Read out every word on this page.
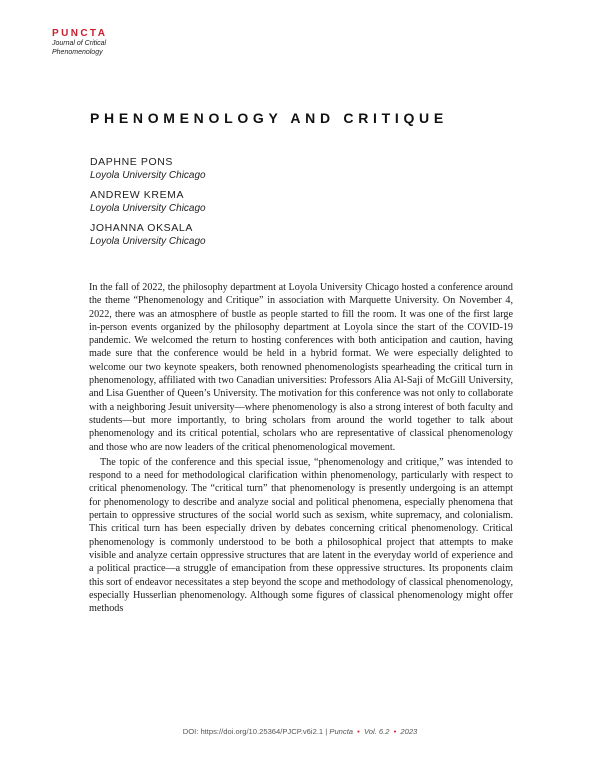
PUNCTA
Journal of Critical
Phenomenology
PHENOMENOLOGY AND CRITIQUE
DAPHNE PONS
Loyola University Chicago
ANDREW KREMA
Loyola University Chicago
JOHANNA OKSALA
Loyola University Chicago

In the fall of 2022, the philosophy department at Loyola University Chicago hosted a conference around the theme “Phenomenology and Critique” in association with Marquette University. On November 4, 2022, there was an atmosphere of bustle as people started to fill the room. It was one of the first large in-person events organized by the philosophy department at Loyola since the start of the COVID-19 pandemic. We welcomed the return to hosting conferences with both anticipation and caution, having made sure that the conference would be held in a hybrid format. We were especially delighted to welcome our two keynote speakers, both renowned phenomenologists spearheading the critical turn in phenomenology, affiliated with two Canadian universities: Professors Alia Al-Saji of McGill University, and Lisa Guenther of Queen’s University. The motivation for this conference was not only to collaborate with a neighboring Jesuit university—where phenomenology is also a strong interest of both faculty and students—but more importantly, to bring scholars from around the world together to talk about phenomenology and its critical potential, scholars who are representative of classical phenomenology and those who are now leaders of the critical phenomenological movement.

The topic of the conference and this special issue, “phenomenology and critique,” was intended to respond to a need for methodological clarification within phenomenology, particularly with respect to critical phenomenology. The “critical turn” that phenomenology is presently undergoing is an attempt for phenomenology to describe and analyze social and political phenomena, especially phenomena that pertain to oppressive structures of the social world such as sexism, white supremacy, and colonialism. This critical turn has been especially driven by debates concerning critical phenomenology. Critical phenomenology is commonly understood to be both a philosophical project that attempts to make visible and analyze certain oppressive structures that are latent in the everyday world of experience and a political practice—a struggle of emancipation from these oppressive structures. Its proponents claim this sort of endeavor necessitates a step beyond the scope and methodology of classical phenomenology, especially Husserlian phenomenology. Although some figures of classical phenomenology might offer methods

DOI: https://doi.org/10.25364/PJCP.v6i2.1 | Puncta • Vol. 6.2 • 2023
